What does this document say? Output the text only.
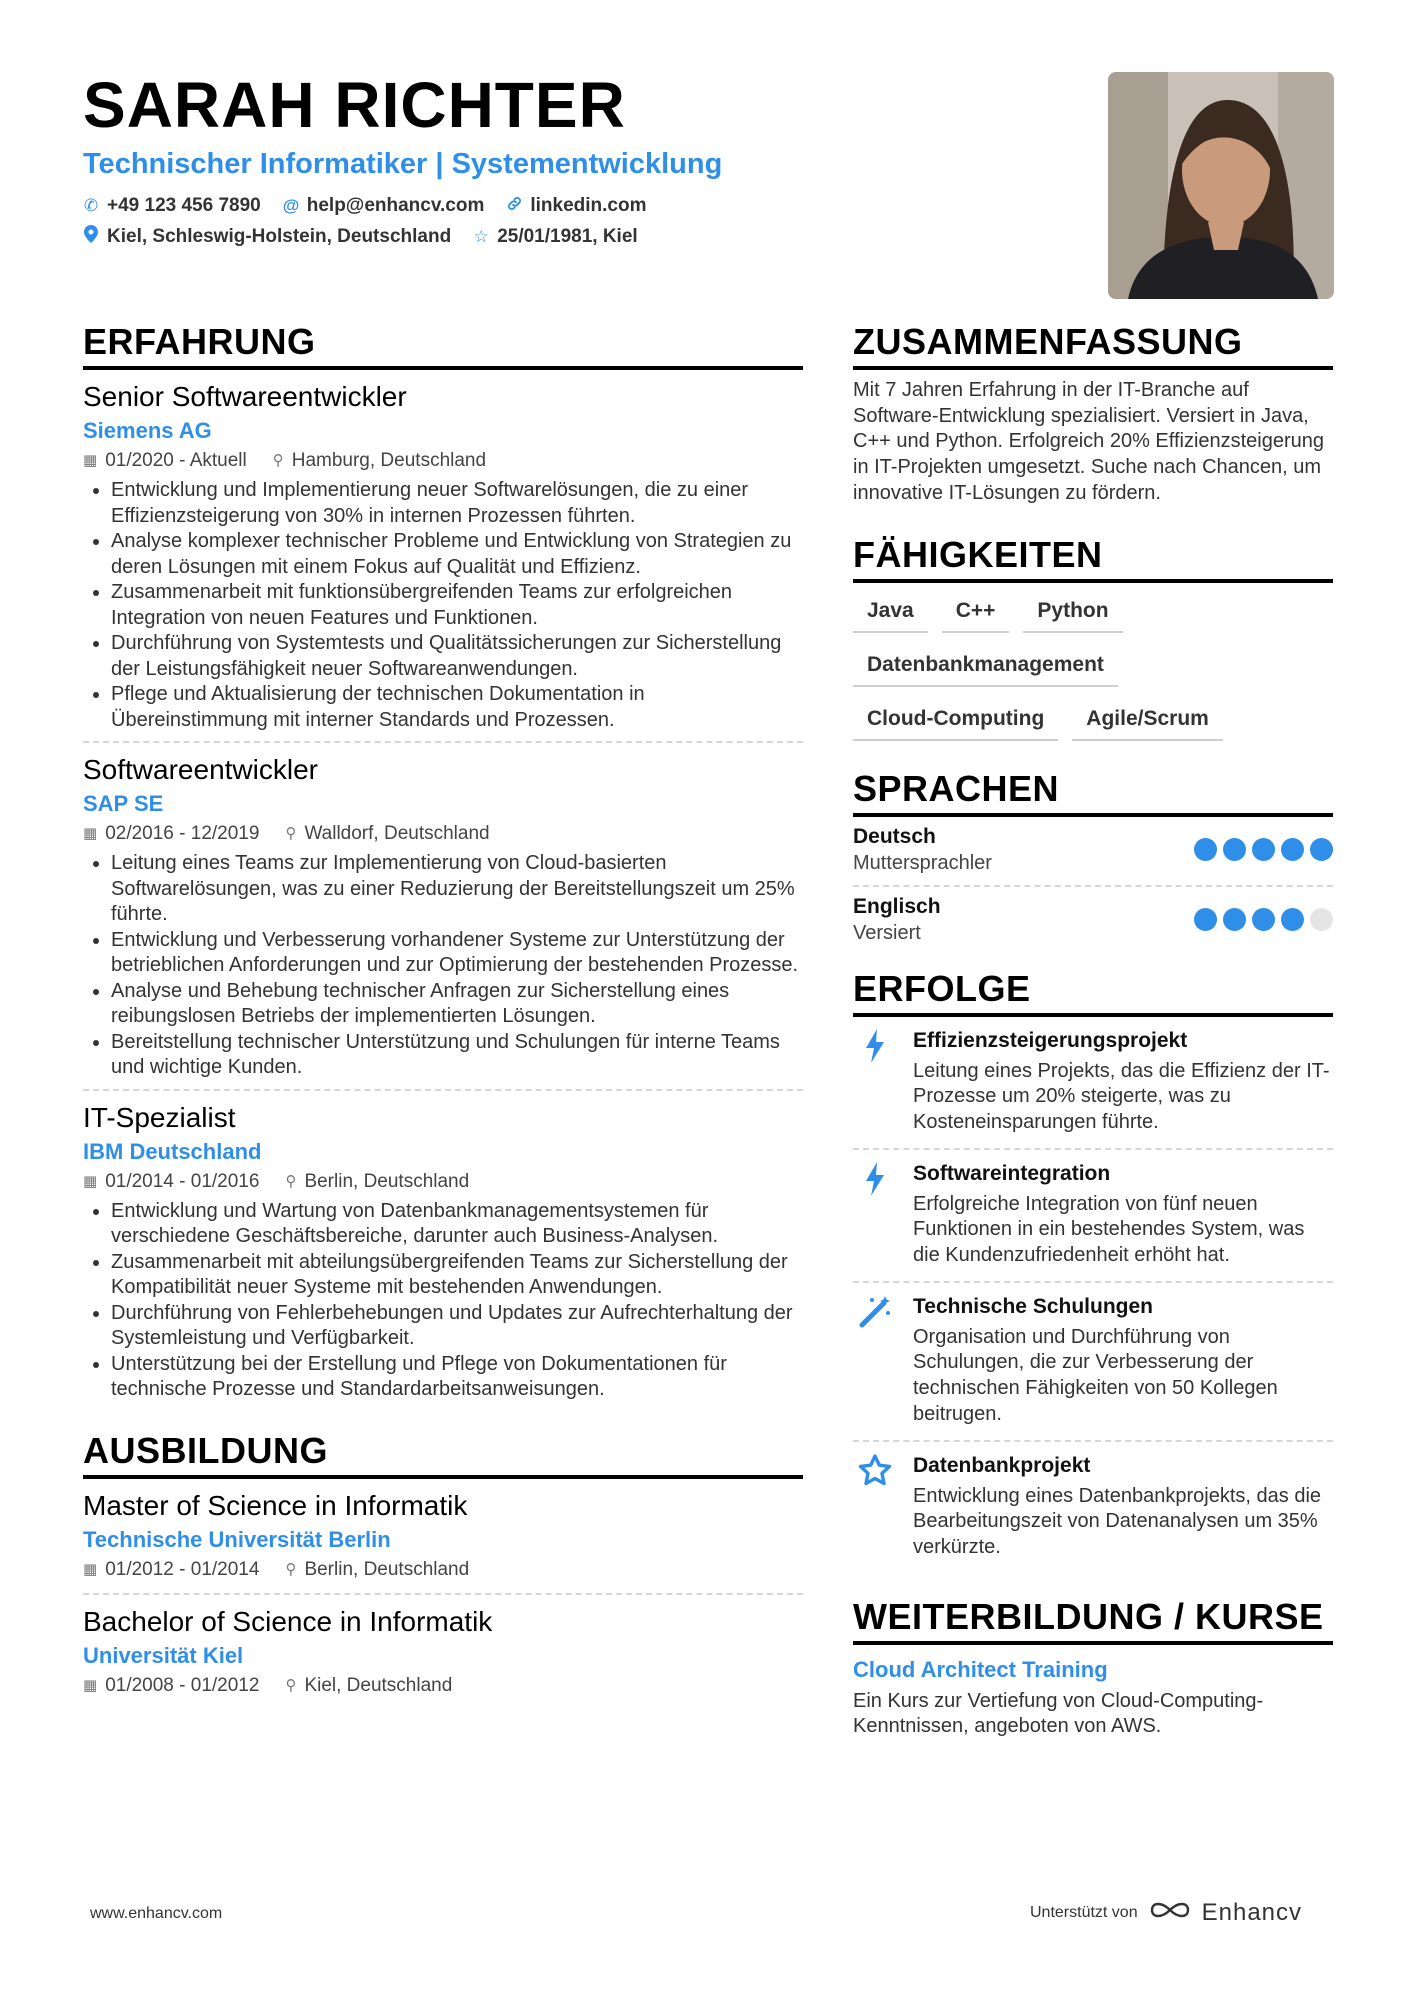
SARAH RICHTER
Technischer Informatiker | Systementwicklung
✆ +49 123 456 7890 @ help@enhancv.com linkedin.com
Kiel, Schleswig-Holstein, Deutschland ☆ 25/01/1981, Kiel
ERFAHRUNG
Senior Softwareentwickler
Siemens AG
▦ 01/2020 - Aktuell ⚲ Hamburg, Deutschland
• Entwicklung und Implementierung neuer Softwarelösungen, die zu einer Effizienzsteigerung von 30% in internen Prozessen führten.
• Analyse komplexer technischer Probleme und Entwicklung von Strategien zu deren Lösungen mit einem Fokus auf Qualität und Effizienz.
• Zusammenarbeit mit funktionsübergreifenden Teams zur erfolgreichen Integration von neuen Features und Funktionen.
• Durchführung von Systemtests und Qualitätssicherungen zur Sicherstellung der Leistungsfähigkeit neuer Softwareanwendungen.
• Pflege und Aktualisierung der technischen Dokumentation in Übereinstimmung mit interner Standards und Prozessen.
Softwareentwickler
SAP SE
▦ 02/2016 - 12/2019 ⚲ Walldorf, Deutschland
• Leitung eines Teams zur Implementierung von Cloud-basierten Softwarelösungen, was zu einer Reduzierung der Bereitstellungszeit um 25% führte.
• Entwicklung und Verbesserung vorhandener Systeme zur Unterstützung der betrieblichen Anforderungen und zur Optimierung der bestehenden Prozesse.
• Analyse und Behebung technischer Anfragen zur Sicherstellung eines reibungslosen Betriebs der implementierten Lösungen.
• Bereitstellung technischer Unterstützung und Schulungen für interne Teams und wichtige Kunden.
IT-Spezialist
IBM Deutschland
▦ 01/2014 - 01/2016 ⚲ Berlin, Deutschland
• Entwicklung und Wartung von Datenbankmanagementsystemen für verschiedene Geschäftsbereiche, darunter auch Business-Analysen.
• Zusammenarbeit mit abteilungsübergreifenden Teams zur Sicherstellung der Kompatibilität neuer Systeme mit bestehenden Anwendungen.
• Durchführung von Fehlerbehebungen und Updates zur Aufrechterhaltung der Systemleistung und Verfügbarkeit.
• Unterstützung bei der Erstellung und Pflege von Dokumentationen für technische Prozesse und Standardarbeitsanweisungen.
AUSBILDUNG
Master of Science in Informatik
Technische Universität Berlin
▦ 01/2012 - 01/2014 ⚲ Berlin, Deutschland
Bachelor of Science in Informatik
Universität Kiel
▦ 01/2008 - 01/2012 ⚲ Kiel, Deutschland
ZUSAMMENFASSUNG
Mit 7 Jahren Erfahrung in der IT-Branche auf Software-Entwicklung spezialisiert. Versiert in Java, C++ und Python. Erfolgreich 20% Effizienzsteigerung in IT-Projekten umgesetzt. Suche nach Chancen, um innovative IT-Lösungen zu fördern.
FÄHIGKEITEN
Java	C++	Python
Datenbankmanagement
Cloud-Computing	Agile/Scrum
SPRACHEN
Deutsch
Muttersprachler
Englisch
Versiert
ERFOLGE
Effizienzsteigerungsprojekt
Leitung eines Projekts, das die Effizienz der IT-Prozesse um 20% steigerte, was zu Kosteneinsparungen führte.
Softwareintegration
Erfolgreiche Integration von fünf neuen Funktionen in ein bestehendes System, was die Kundenzufriedenheit erhöht hat.
Technische Schulungen
Organisation und Durchführung von Schulungen, die zur Verbesserung der technischen Fähigkeiten von 50 Kollegen beitrugen.
Datenbankprojekt
Entwicklung eines Datenbankprojekts, das die Bearbeitungszeit von Datenanalysen um 35% verkürzte.
WEITERBILDUNG / KURSE
Cloud Architect Training
Ein Kurs zur Vertiefung von Cloud-Computing-Kenntnissen, angeboten von AWS.
www.enhancv.com	Unterstützt von	Enhancv
